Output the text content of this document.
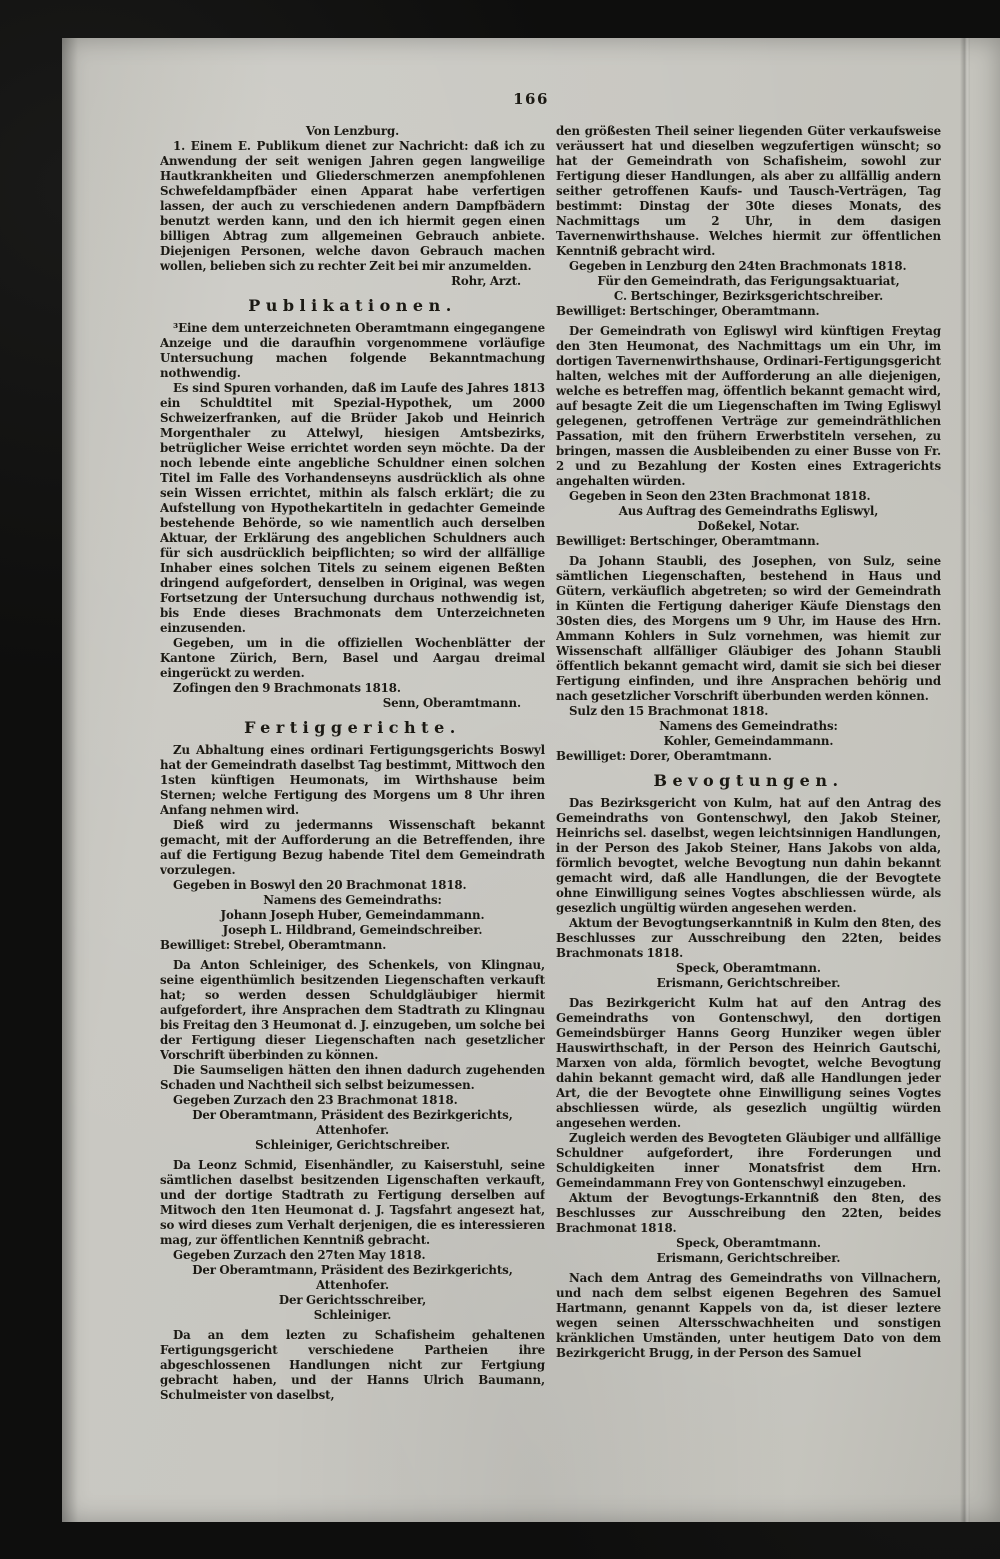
166
Von Lenzburg.
1. Einem E. Publikum dienet zur Nachricht: daß ich zu Anwendung der seit wenigen Jahren gegen langweilige Hautkrankheiten und Gliederschmerzen anempfohlenen Schwefeldampfbäder einen Apparat habe verfertigen lassen, der auch zu verschiedenen andern Dampfbädern benutzt werden kann, und den ich hiermit gegen einen billigen Abtrag zum allgemeinen Gebrauch anbiete. Diejenigen Personen, welche davon Gebrauch machen wollen, belieben sich zu rechter Zeit bei mir anzumelden.
Rohr, Arzt.
Publikationen.
³Eine dem unterzeichneten Oberamtmann eingegangene Anzeige und die daraufhin vorgenommene vorläufige Untersuchung machen folgende Bekanntmachung nothwendig.
Es sind Spuren vorhanden, daß im Laufe des Jahres 1813 ein Schuldtitel mit Spezial-Hypothek, um 2000 Schweizerfranken, auf die Brüder Jakob und Heinrich Morgenthaler zu Attelwyl, hiesigen Amtsbezirks, betrüglicher Weise errichtet worden seyn möchte. Da der noch lebende einte angebliche Schuldner einen solchen Titel im Falle des Vorhandenseyns ausdrücklich als ohne sein Wissen errichtet, mithin als falsch erklärt; die zu Aufstellung von Hypothekartiteln in gedachter Gemeinde bestehende Behörde, so wie namentlich auch derselben Aktuar, der Erklärung des angeblichen Schuldners auch für sich ausdrücklich beipflichten; so wird der allfällige Inhaber eines solchen Titels zu seinem eigenen Beßten dringend aufgefordert, denselben in Original, was wegen Fortsetzung der Untersuchung durchaus nothwendig ist, bis Ende dieses Brachmonats dem Unterzeichneten einzusenden.
Gegeben, um in die offiziellen Wochenblätter der Kantone Zürich, Bern, Basel und Aargau dreimal eingerückt zu werden.
Zofingen den 9 Brachmonats 1818.
Senn, Oberamtmann.
Fertiggerichte.
Zu Abhaltung eines ordinari Fertigungsgerichts Boswyl hat der Gemeindrath daselbst Tag bestimmt, Mittwoch den 1sten künftigen Heumonats, im Wirthshause beim Sternen; welche Fertigung des Morgens um 8 Uhr ihren Anfang nehmen wird.
Dieß wird zu jedermanns Wissenschaft bekannt gemacht, mit der Aufforderung an die Betreffenden, ihre auf die Fertigung Bezug habende Titel dem Gemeindrath vorzulegen.
Gegeben in Boswyl den 20 Brachmonat 1818.
Namens des Gemeindraths:
Johann Joseph Huber, Gemeindammann.
Joseph L. Hildbrand, Gemeindschreiber.
Bewilliget: Strebel, Oberamtmann.
Da Anton Schleiniger, des Schenkels, von Klingnau, seine eigenthümlich besitzenden Liegenschaften verkauft hat; so werden dessen Schuldgläubiger hiermit aufgefordert, ihre Ansprachen dem Stadtrath zu Klingnau bis Freitag den 3 Heumonat d. J. einzugeben, um solche bei der Fertigung dieser Liegenschaften nach gesetzlicher Vorschrift überbinden zu können.
Die Saumseligen hätten den ihnen dadurch zugehenden Schaden und Nachtheil sich selbst beizumessen.
Gegeben Zurzach den 23 Brachmonat 1818.
Der Oberamtmann, Präsident des Bezirkgerichts,
Attenhofer.
Schleiniger, Gerichtschreiber.
Da Leonz Schmid, Eisenhändler, zu Kaiserstuhl, seine sämtlichen daselbst besitzenden Ligenschaften verkauft, und der dortige Stadtrath zu Fertigung derselben auf Mitwoch den 1ten Heumonat d. J. Tagsfahrt angesezt hat, so wird dieses zum Verhalt derjenigen, die es interessieren mag, zur öffentlichen Kenntniß gebracht.
Gegeben Zurzach den 27ten May 1818.
Der Oberamtmann, Präsident des Bezirkgerichts,
Attenhofer.
Der Gerichtsschreiber,
Schleiniger.
Da an dem lezten zu Schafisheim gehaltenen Fertigungsgericht verschiedene Partheien ihre abgeschlossenen Handlungen nicht zur Fertgiung gebracht haben, und der Hanns Ulrich Baumann, Schulmeister von daselbst,
den größesten Theil seiner liegenden Güter verkaufsweise veräussert hat und dieselben wegzufertigen wünscht; so hat der Gemeindrath von Schafisheim, sowohl zur Fertigung dieser Handlungen, als aber zu allfällig andern seither getroffenen Kaufs- und Tausch-Verträgen, Tag bestimmt: Dinstag der 30te dieses Monats, des Nachmittags um 2 Uhr, in dem dasigen Tavernenwirthshause. Welches hiermit zur öffentlichen Kenntniß gebracht wird.
Gegeben in Lenzburg den 24ten Brachmonats 1818.
Für den Gemeindrath, das Ferigungsaktuariat,
C. Bertschinger, Bezirksgerichtschreiber.
Bewilliget: Bertschinger, Oberamtmann.
Der Gemeindrath von Egliswyl wird künftigen Freytag den 3ten Heumonat, des Nachmittags um ein Uhr, im dortigen Tavernenwirthshause, Ordinari-Fertigungsgericht halten, welches mit der Aufforderung an alle diejenigen, welche es betreffen mag, öffentlich bekannt gemacht wird, auf besagte Zeit die um Liegenschaften im Twing Egliswyl gelegenen, getroffenen Verträge zur gemeindräthlichen Passation, mit den frühern Erwerbstiteln versehen, zu bringen, massen die Ausbleibenden zu einer Busse von Fr. 2 und zu Bezahlung der Kosten eines Extragerichts angehalten würden.
Gegeben in Seon den 23ten Brachmonat 1818.
Aus Auftrag des Gemeindraths Egliswyl,
Doßekel, Notar.
Bewilliget: Bertschinger, Oberamtmann.
Da Johann Staubli, des Josephen, von Sulz, seine sämtlichen Liegenschaften, bestehend in Haus und Gütern, verkäuflich abgetreten; so wird der Gemeindrath in Künten die Fertigung daheriger Käufe Dienstags den 30sten dies, des Morgens um 9 Uhr, im Hause des Hrn. Ammann Kohlers in Sulz vornehmen, was hiemit zur Wissenschaft allfälliger Gläubiger des Johann Staubli öffentlich bekannt gemacht wird, damit sie sich bei dieser Fertigung einfinden, und ihre Ansprachen behörig und nach gesetzlicher Vorschrift überbunden werden können.
Sulz den 15 Brachmonat 1818.
Namens des Gemeindraths:
Kohler, Gemeindammann.
Bewilliget: Dorer, Oberamtmann.
Bevogtungen.
Das Bezirksgericht von Kulm, hat auf den Antrag des Gemeindraths von Gontenschwyl, den Jakob Steiner, Heinrichs sel. daselbst, wegen leichtsinnigen Handlungen, in der Person des Jakob Steiner, Hans Jakobs von alda, förmlich bevogtet, welche Bevogtung nun dahin bekannt gemacht wird, daß alle Handlungen, die der Bevogtete ohne Einwilligung seines Vogtes abschliessen würde, als gesezlich ungültig würden angesehen werden.
Aktum der Bevogtungserkanntniß in Kulm den 8ten, des Beschlusses zur Ausschreibung den 22ten, beides Brachmonats 1818.
Speck, Oberamtmann.
Erismann, Gerichtschreiber.
Das Bezirkgericht Kulm hat auf den Antrag des Gemeindraths von Gontenschwyl, den dortigen Gemeindsbürger Hanns Georg Hunziker wegen übler Hauswirthschaft, in der Person des Heinrich Gautschi, Marxen von alda, förmlich bevogtet, welche Bevogtung dahin bekannt gemacht wird, daß alle Handlungen jeder Art, die der Bevogtete ohne Einwilligung seines Vogtes abschliessen würde, als gesezlich ungültig würden angesehen werden.
Zugleich werden des Bevogteten Gläubiger und allfällige Schuldner aufgefordert, ihre Forderungen und Schuldigkeiten inner Monatsfrist dem Hrn. Gemeindammann Frey von Gontenschwyl einzugeben.
Aktum der Bevogtungs-Erkanntniß den 8ten, des Beschlusses zur Ausschreibung den 22ten, beides Brachmonat 1818.
Speck, Oberamtmann.
Erismann, Gerichtschreiber.
Nach dem Antrag des Gemeindraths von Villnachern, und nach dem selbst eigenen Begehren des Samuel Hartmann, genannt Kappels von da, ist dieser leztere wegen seinen Altersschwachheiten und sonstigen kränklichen Umständen, unter heutigem Dato von dem Bezirkgericht Brugg, in der Person des Samuel
